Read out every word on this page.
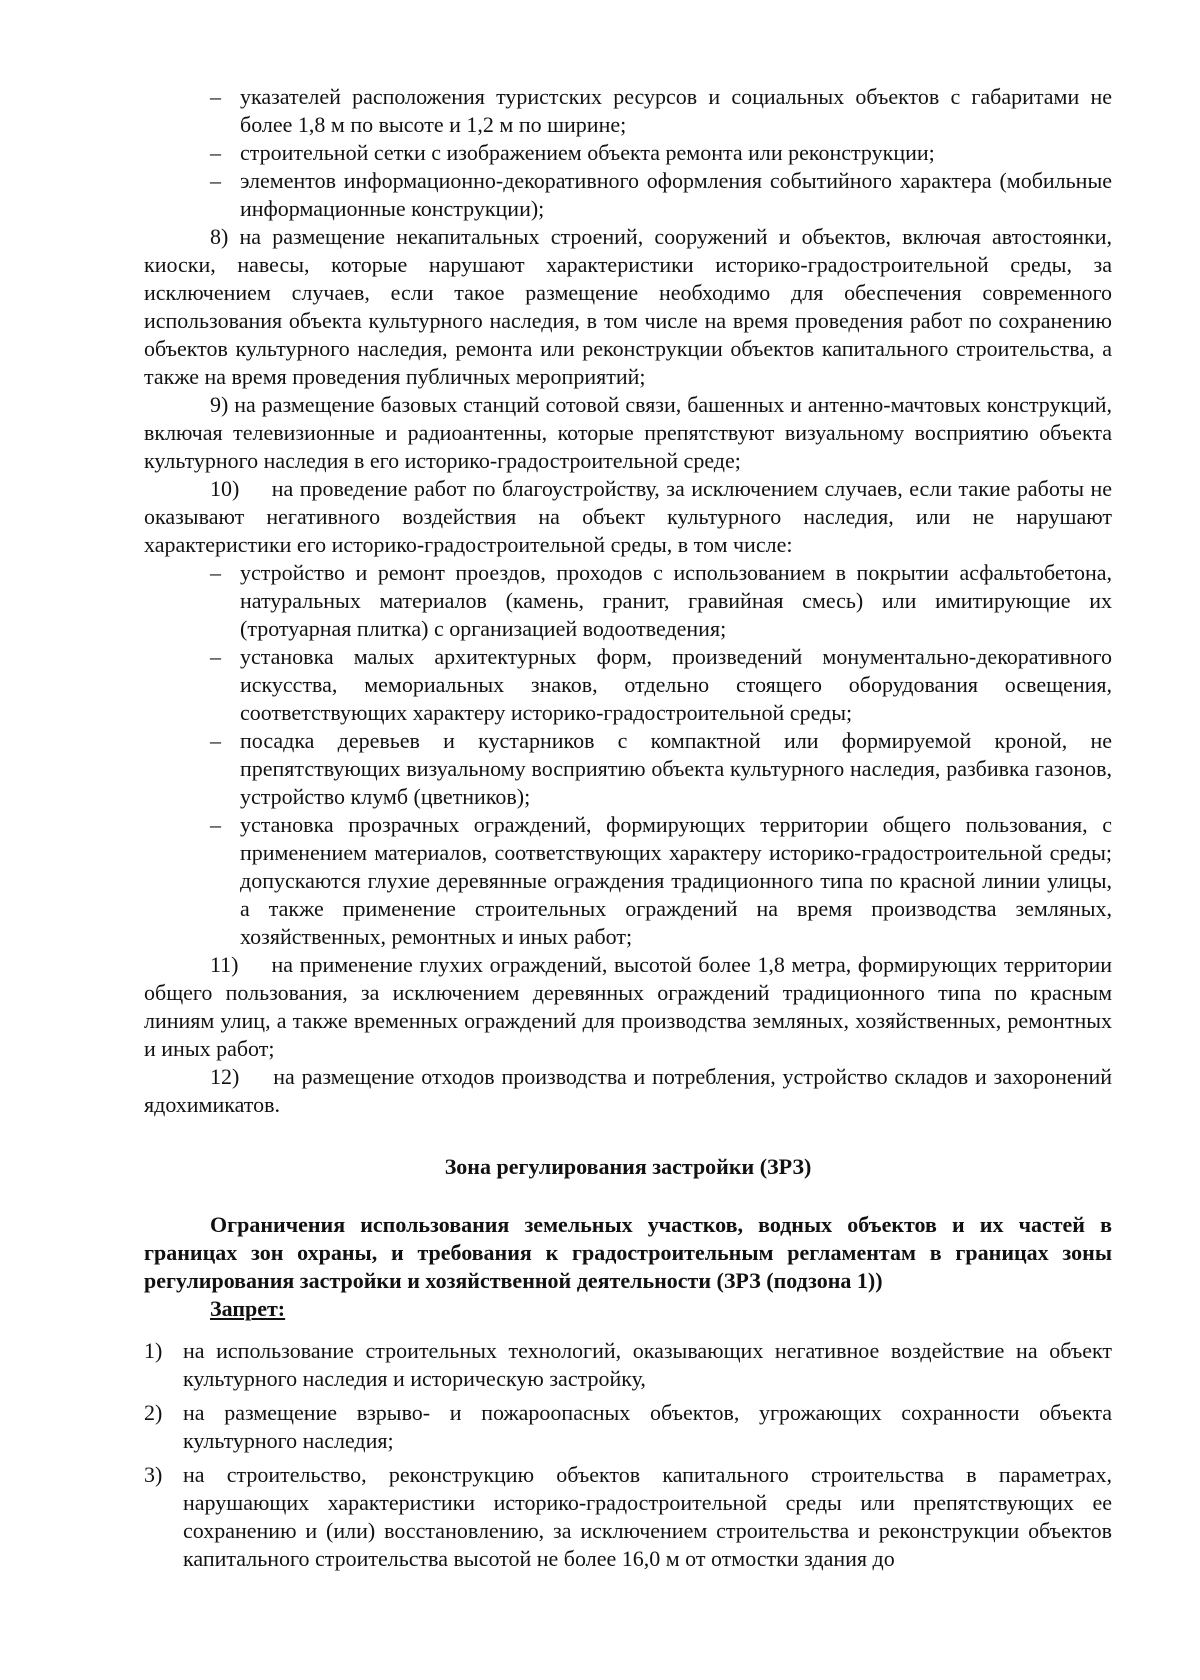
– указателей расположения туристских ресурсов и социальных объектов с габаритами не более 1,8 м по высоте и 1,2 м по ширине;
– строительной сетки с изображением объекта ремонта или реконструкции;
– элементов информационно-декоративного оформления событийного характера (мобильные информационные конструкции);

8) на размещение некапитальных строений, сооружений и объектов, включая автостоянки, киоски, навесы, которые нарушают характеристики историко-градостроительной среды, за исключением случаев, если такое размещение необходимо для обеспечения современного использования объекта культурного наследия, в том числе на время проведения работ по сохранению объектов культурного наследия, ремонта или реконструкции объектов капитального строительства, а также на время проведения публичных мероприятий;

9) на размещение базовых станций сотовой связи, башенных и антенно-мачтовых конструкций, включая телевизионные и радиоантенны, которые препятствуют визуальному восприятию объекта культурного наследия в его историко-градостроительной среде;

10)     на проведение работ по благоустройству, за исключением случаев, если такие работы не оказывают негативного воздействия на объект культурного наследия, или не нарушают характеристики его историко-градостроительной среды, в том числе:

– устройство и ремонт проездов, проходов с использованием в покрытии асфальтобетона, натуральных материалов (камень, гранит, гравийная смесь) или имитирующие их (тротуарная плитка) с организацией водоотведения;
– установка малых архитектурных форм, произведений монументально-декоративного искусства, мемориальных знаков, отдельно стоящего оборудования освещения, соответствующих характеру историко-градостроительной среды;
– посадка деревьев и кустарников с компактной или формируемой кроной, не препятствующих визуальному восприятию объекта культурного наследия, разбивка газонов, устройство клумб (цветников);
– установка прозрачных ограждений, формирующих территории общего пользования, с применением материалов, соответствующих характеру историко-градостроительной среды; допускаются глухие деревянные ограждения традиционного типа по красной линии улицы, а также применение строительных ограждений на время производства земляных, хозяйственных, ремонтных и иных работ;

11)     на применение глухих ограждений, высотой более 1,8 метра, формирующих территории общего пользования, за исключением деревянных ограждений традиционного типа по красным линиям улиц, а также временных ограждений для производства земляных, хозяйственных, ремонтных и иных работ;

12)     на размещение отходов производства и потребления, устройство складов и захоронений ядохимикатов.

Зона регулирования застройки (ЗРЗ)

Ограничения использования земельных участков, водных объектов и их частей в границах зон охраны, и требования к градостроительным регламентам в границах зоны регулирования застройки и хозяйственной деятельности (ЗРЗ (подзона 1))

Запрет:

1) на использование строительных технологий, оказывающих негативное воздействие на объект культурного наследия и историческую застройку,
2) на размещение взрыво- и пожароопасных объектов, угрожающих сохранности объекта культурного наследия;
3) на строительство, реконструкцию объектов капитального строительства в параметрах, нарушающих характеристики историко-градостроительной среды или препятствующих ее сохранению и (или) восстановлению, за исключением строительства и реконструкции объектов капитального строительства высотой не более 16,0 м от отмостки здания до
